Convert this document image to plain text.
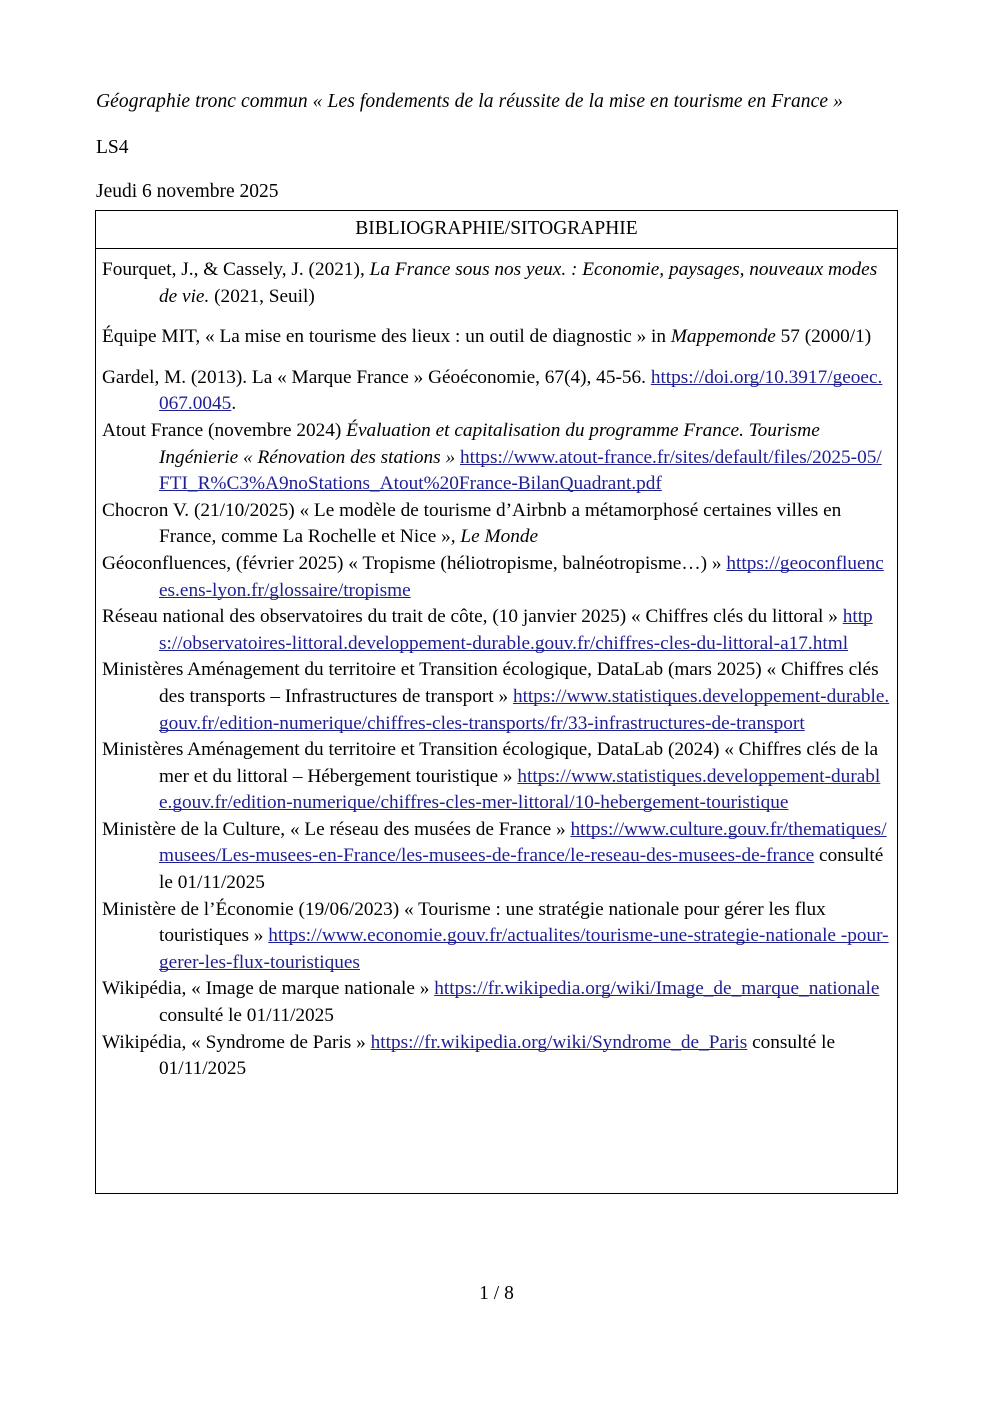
Géographie tronc commun « Les fondements de la réussite de la mise en tourisme en France »
LS4
Jeudi 6 novembre 2025
BIBLIOGRAPHIE/SITOGRAPHIE

Fourquet, J., & Cassely, J. (2021), La France sous nos yeux. : Economie, paysages, nouveaux modes de vie. (2021, Seuil)

Équipe MIT, « La mise en tourisme des lieux : un outil de diagnostic » in Mappemonde 57 (2000/1)

Gardel, M. (2013). La « Marque France » Géoéconomie, 67(4), 45-56. https://doi.org/10.3917/geoec.067.0045.

Atout France (novembre 2024) Évaluation et capitalisation du programme France. Tourisme Ingénierie « Rénovation des stations » https://www.atout-france.fr/sites/default/files/2025-05/FTI_R%C3%A9noStations_Atout%20France-BilanQuadrant.pdf

Chocron V. (21/10/2025) « Le modèle de tourisme d’Airbnb a métamorphosé certaines villes en France, comme La Rochelle et Nice », Le Monde

Géoconfluences, (février 2025) « Tropisme (héliotropisme, balnéotropisme…) » https://geoconfluences.ens-lyon.fr/glossaire/tropisme

Réseau national des observatoires du trait de côte, (10 janvier 2025) « Chiffres clés du littoral » https://observatoires-littoral.developpement-durable.gouv.fr/chiffres-cles-du-littoral-a17.html

Ministères Aménagement du territoire et Transition écologique, DataLab (mars 2025) « Chiffres clés des transports – Infrastructures de transport » https://www.statistiques.developpement-durable.gouv.fr/edition-numerique/chiffres-cles-transports/fr/33-infrastructures-de-transport

Ministères Aménagement du territoire et Transition écologique, DataLab (2024) « Chiffres clés de la mer et du littoral – Hébergement touristique » https://www.statistiques.developpement-durable.gouv.fr/edition-numerique/chiffres-cles-mer-littoral/10-hebergement-touristique

Ministère de la Culture, « Le réseau des musées de France » https://www.culture.gouv.fr/thematiques/musees/Les-musees-en-France/les-musees-de-france/le-reseau-des-musees-de-france consulté le 01/11/2025

Ministère de l’Économie (19/06/2023) « Tourisme : une stratégie nationale pour gérer les flux touristiques » https://www.economie.gouv.fr/actualites/tourisme-une-strategie-nationale -pour-gerer-les-flux-touristiques

Wikipédia, « Image de marque nationale » https://fr.wikipedia.org/wiki/Image_de_marque_nationale consulté le 01/11/2025

Wikipédia, « Syndrome de Paris » https://fr.wikipedia.org/wiki/Syndrome_de_Paris consulté le 01/11/2025

1 / 8
